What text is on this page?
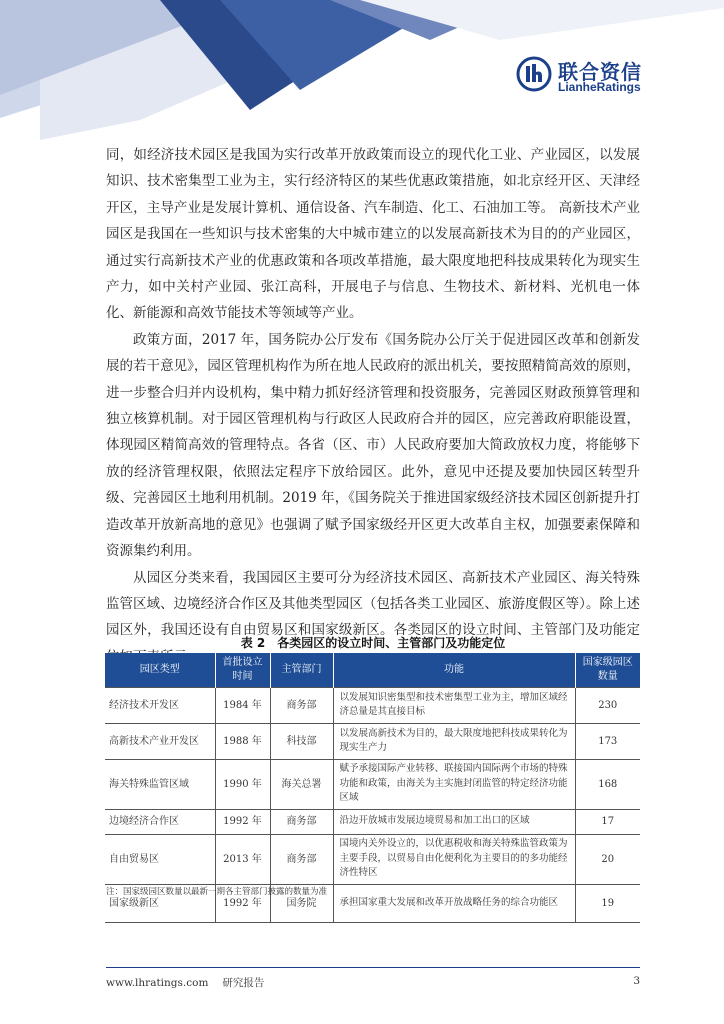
联合资信
LianheRatings

同，如经济技术园区是我国为实行改革开放政策而设立的现代化工业、产业园区，以发展知识、技术密集型工业为主，实行经济特区的某些优惠政策措施，如北京经开区、天津经开区，主导产业是发展计算机、通信设备、汽车制造、化工、石油加工等。 高新技术产业园区是我国在一些知识与技术密集的大中城市建立的以发展高新技术为目的的产业园区，通过实行高新技术产业的优惠政策和各项改革措施，最大限度地把科技成果转化为现实生产力，如中关村产业园、张江高科，开展电子与信息、生物技术、新材料、光机电一体化、新能源和高效节能技术等领域等产业。

政策方面，2017 年，国务院办公厅发布《国务院办公厅关于促进园区改革和创新发展的若干意见》，园区管理机构作为所在地人民政府的派出机关，要按照精简高效的原则，进一步整合归并内设机构，集中精力抓好经济管理和投资服务，完善园区财政预算管理和独立核算机制。对于园区管理机构与行政区人民政府合并的园区，应完善政府职能设置，体现园区精简高效的管理特点。各省（区、市）人民政府要加大简政放权力度，将能够下放的经济管理权限，依照法定程序下放给园区。此外，意见中还提及要加快园区转型升级、完善园区土地利用机制。2019 年，《国务院关于推进国家级经济技术园区创新提升打造改革开放新高地的意见》也强调了赋予国家级经开区更大改革自主权，加强要素保障和资源集约利用。

从园区分类来看，我国园区主要可分为经济技术园区、高新技术产业园区、海关特殊监管区域、边境经济合作区及其他类型园区（包括各类工业园区、旅游度假区等）。除上述园区外，我国还设有自由贸易区和国家级新区。各类园区的设立时间、主管部门及功能定

表 2　各类园区的设立时间、主管部门及功能定位
园区类型	首批设立时间	主管部门	功能	国家级园区数量
经济技术开发区	1984 年	商务部	以发展知识密集型和技术密集型工业为主，增加区域经济总量是其直接目标	230
高新技术产业开发区	1988 年	科技部	以发展高新技术为目的，最大限度地把科技成果转化为现实生产力	173
海关特殊监管区域	1990 年	海关总署	赋予承接国际产业转移、联接国内国际两个市场的特殊功能和政策，由海关为主实施封闭监管的特定经济功能区域	168
边境经济合作区	1992 年	商务部	沿边开放城市发展边境贸易和加工出口的区域	17
自由贸易区	2013 年	商务部	国境内关外设立的，以优惠税收和海关特殊监管政策为主要手段，以贸易自由化便利化为主要目的的多功能经济性特区	20
国家级新区	1992 年	国务院	承担国家重大发展和改革开放战略任务的综合功能区	19
注：国家级园区数量以最新一期各主管部门披露的数量为准
www.lhratings.com 研究报告	3
